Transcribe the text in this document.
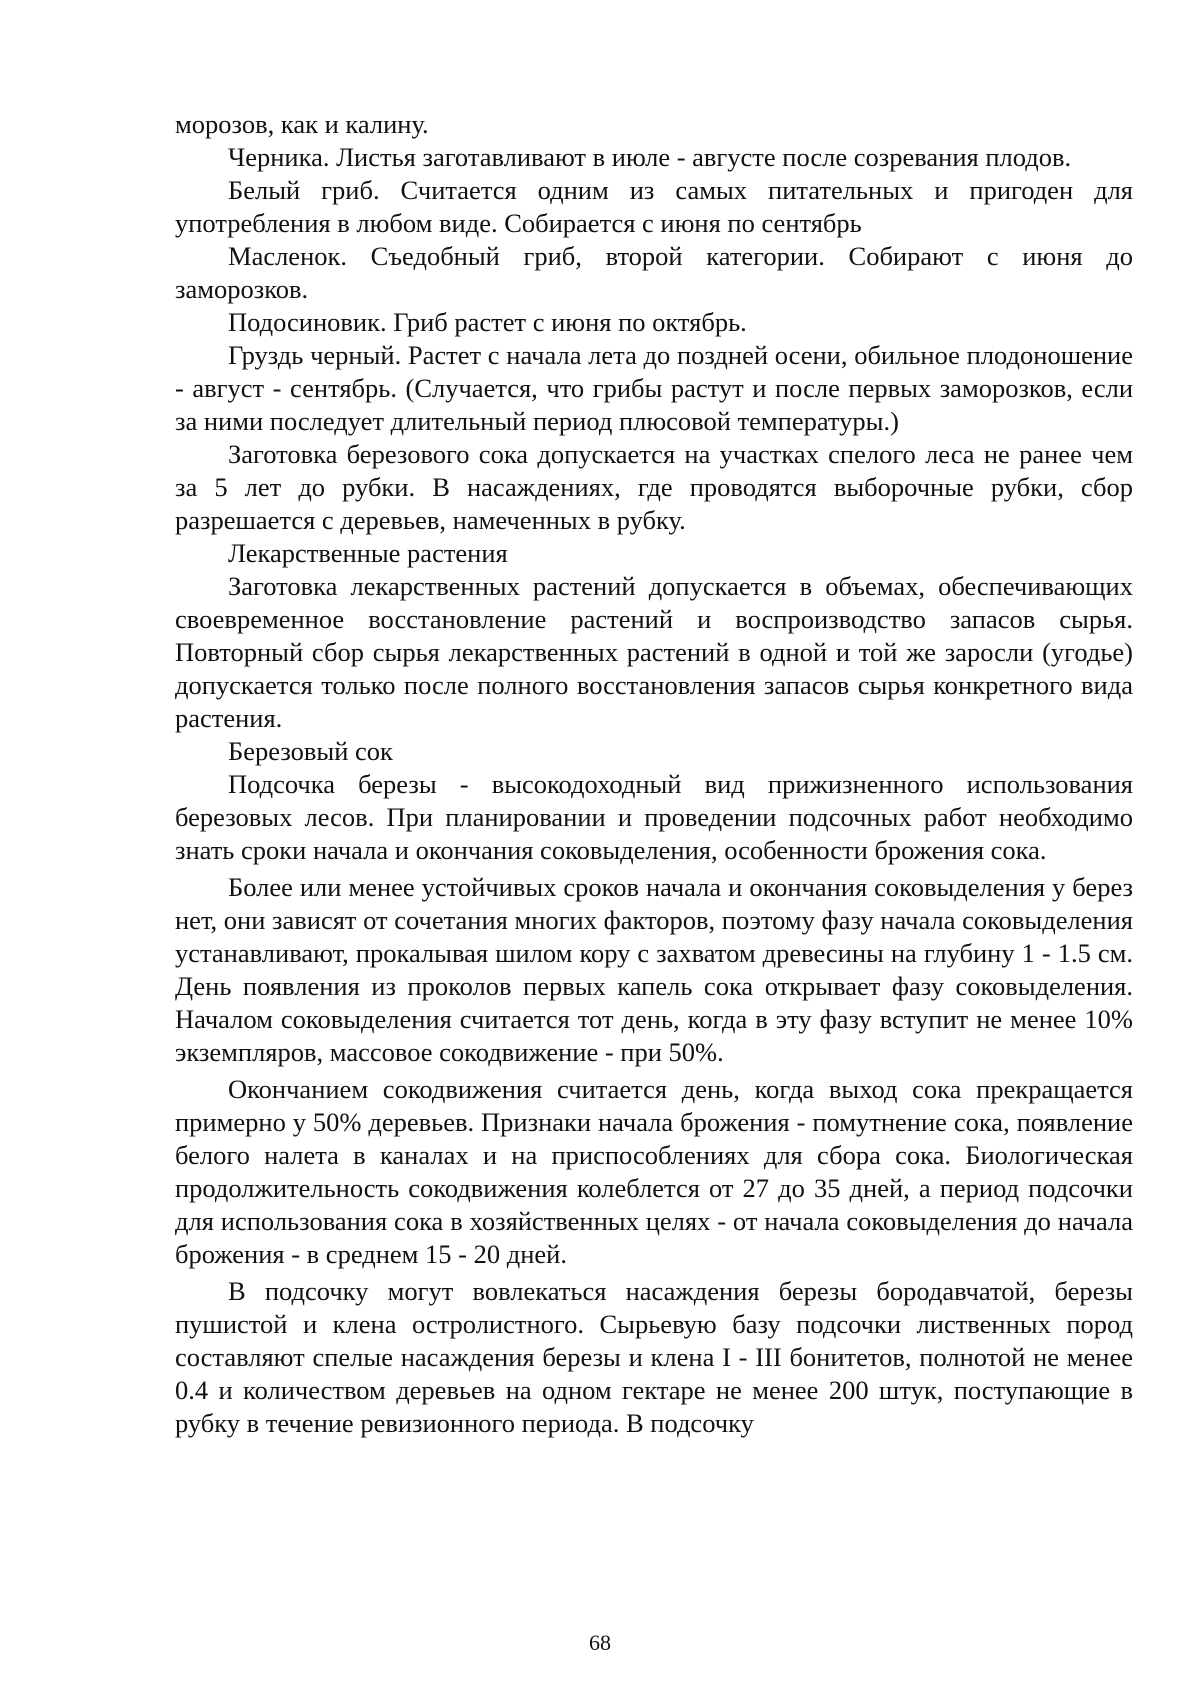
морозов, как и калину.

Черника. Листья заготавливают в июле - августе после созревания плодов.

Белый гриб. Считается одним из самых питательных и пригоден для употребления в любом виде. Собирается с июня по сентябрь

Масленок. Съедобный гриб, второй категории. Собирают с июня до заморозков.

Подосиновик. Гриб растет с июня по октябрь.

Груздь черный. Растет с начала лета до поздней осени, обильное плодоношение - август - сентябрь. (Случается, что грибы растут и после первых заморозков, если за ними последует длительный период плюсовой температуры.)

Заготовка березового сока допускается на участках спелого леса не ранее чем за 5 лет до рубки. В насаждениях, где проводятся выборочные рубки, сбор разрешается с деревьев, намеченных в рубку.

Лекарственные растения

Заготовка лекарственных растений допускается в объемах, обеспечивающих своевременное восстановление растений и воспроизводство запасов сырья. Повторный сбор сырья лекарственных растений в одной и той же заросли (угодье) допускается только после полного восстановления запасов сырья конкретного вида растения.

Березовый сок

Подсочка березы - высокодоходный вид прижизненного использования березовых лесов. При планировании и проведении подсочных работ необходимо знать сроки начала и окончания соковыделения, особенности брожения сока.

Более или менее устойчивых сроков начала и окончания соковыделения у берез нет, они зависят от сочетания многих факторов, поэтому фазу начала соковыделения устанавливают, прокалывая шилом кору с захватом древесины на глубину 1 - 1.5 см. День появления из проколов первых капель сока открывает фазу соковыделения. Началом соковыделения считается тот день, когда в эту фазу вступит не менее 10% экземпляров, массовое сокодвижение - при 50%.

Окончанием сокодвижения считается день, когда выход сока прекращается примерно у 50% деревьев. Признаки начала брожения - помутнение сока, появление белого налета в каналах и на приспособлениях для сбора сока. Биологическая продолжительность сокодвижения колеблется от 27 до 35 дней, а период подсочки для использования сока в хозяйственных целях - от начала соковыделения до начала брожения - в среднем 15 - 20 дней.

В подсочку могут вовлекаться насаждения березы бородавчатой, березы пушистой и клена остролистного. Сырьевую базу подсочки лиственных пород составляют спелые насаждения березы и клена I - III бонитетов, полнотой не менее 0.4 и количеством деревьев на одном гектаре не менее 200 штук, поступающие в рубку в течение ревизионного периода. В подсочку

68
